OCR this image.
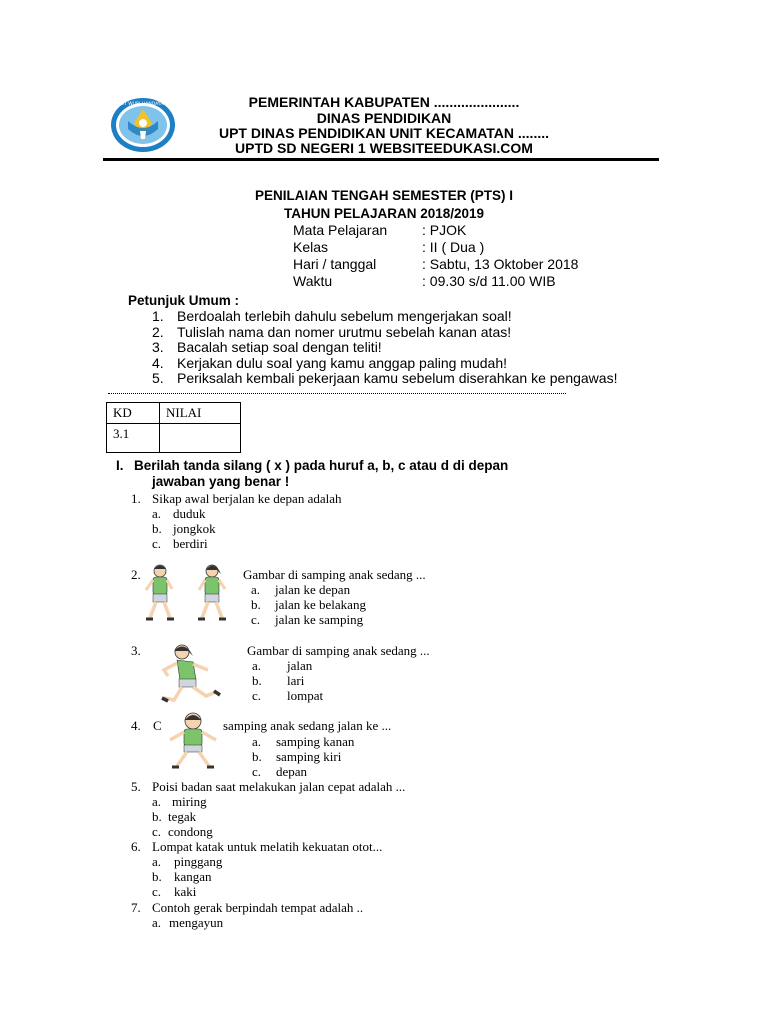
TUT WURI HANDAYANI	PEMERINTAH KABUPATEN ......................
DINAS PENDIDIKAN
UPT DINAS PENDIDIKAN UNIT KECAMATAN ........
UPTD SD NEGERI 1 WEBSITEEDUKASI.COM
PENILAIAN TENGAH SEMESTER (PTS) I
TAHUN PELAJARAN 2018/2019
Mata Pelajaran	: PJOK
Kelas	: II ( Dua )
Hari / tanggal	: Sabtu, 13 Oktober 2018
Waktu	: 09.30 s/d 11.00 WIB
Petunjuk Umum :
1. Berdoalah terlebih dahulu sebelum mengerjakan soal!
2. Tulislah nama dan nomer urutmu sebelah kanan atas!
3. Bacalah setiap soal dengan teliti!
4. Kerjakan dulu soal yang kamu anggap paling mudah!
5. Periksalah kembali pekerjaan kamu sebelum diserahkan ke pengawas!
KD	NILAI
3.1	
I. Berilah tanda silang ( x ) pada huruf a, b, c atau d di depan
jawaban yang benar !
1. Sikap awal berjalan ke depan adalah
a. duduk
b. jongkok
c. berdiri
2.	Gambar di samping anak sedang ...
a.	jalan ke depan
b.	jalan ke belakang
c.	jalan ke samping
3.	Gambar di samping anak sedang ...
a.	jalan
b.	lari
c.	lompat
4. C	samping anak sedang jalan ke ...
a.	samping kanan
b.	samping kiri
c.	depan
5. Poisi badan saat melakukan jalan cepat adalah ...
a. miring
b. tegak
c. condong
6. Lompat katak untuk melatih kekuatan otot...
a. pinggang
b. kangan
c. kaki
7. Contoh gerak berpindah tempat adalah ..
a. mengayun
